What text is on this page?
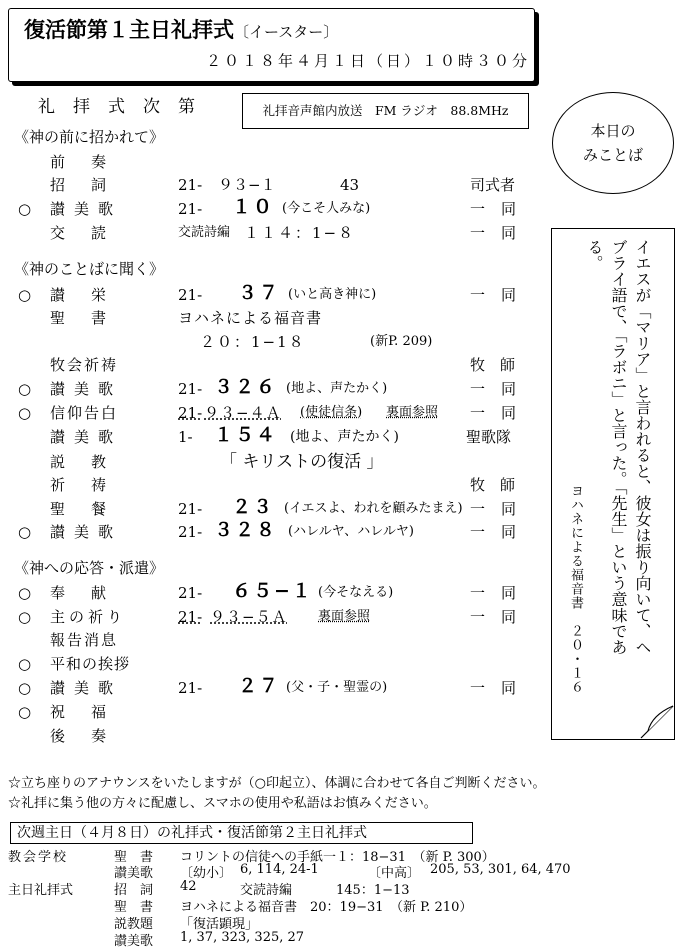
復活節第１主日礼拝式〔イースター〕
２０１８年４月１日（日）１０時３０分
礼拝式次第	礼拝音声館内放送　FM ラジオ　88.8MHz
本日の
みことば
《神の前に招かれて》
前奏
招詞	21- ９３−１	43	司式者
○ 讃美歌	21- １０ (今こそ人みな)	一同
交読	交読詩編 １１４：1−８	一同
《神のことばに聞く》
○ 讃栄	21- ３７ (いと高き神に)	一同
聖書	ヨハネによる福音書
２０：1−1８	(新P. 209)
牧会祈祷	牧　師
○ 讃美歌	21- ３２６ (地よ、声たかく)	一同
○ 信仰告白	21- ９３−４Ａ (使徒信条) 裏面参照 一同
讃美歌	1- １５４ (地よ、声たかく)	聖歌隊
説教	「 キリストの復活 」
祈祷	牧　師
聖餐	21- ２３ (イエスよ、われを顧みたまえ) 一同
○ 讃美歌	21- ３２８ (ハレルヤ、ハレルヤ)	一同
《神への応答・派遣》
○ 奉献	21- ６５−１ (今そなえる)	一同
○ 主の祈り	21- ９３−５Ａ 裏面参照	一同
報告消息
○ 平和の挨拶
○ 讃美歌	21- ２７ (父・子・聖霊の)	一同
○ 祝福
後奏
イエスが「マリア」と言われると、彼女は振り向いて、ヘブライ語で、「ラボニ」と言った。「先生」という意味である。
ヨハネによる福音書　２０・１６
☆立ち座りのアナウンスをいたしますが（○印起立）、体調に合わせて各自ご判断ください。
☆礼拝に集う他の方々に配慮し、スマホの使用や私語はお慎みください。
次週主日（４月８日）の礼拝式・復活節第２主日礼拝式
教会学校	聖　書 コリントの信徒への手紙一１：18−31　（新 P. 300）
讃美歌 〔幼小〕 6, 114, 24-1	〔中高〕 205, 53, 301, 64, 470
主日礼拝式	招　詞 42	交読詩編	145：1−13
聖　書 ヨハネによる福音書　20：19−31　（新 P. 210）
説教題 「復活顕現」
讃美歌 1, 37, 323, 325, 27
